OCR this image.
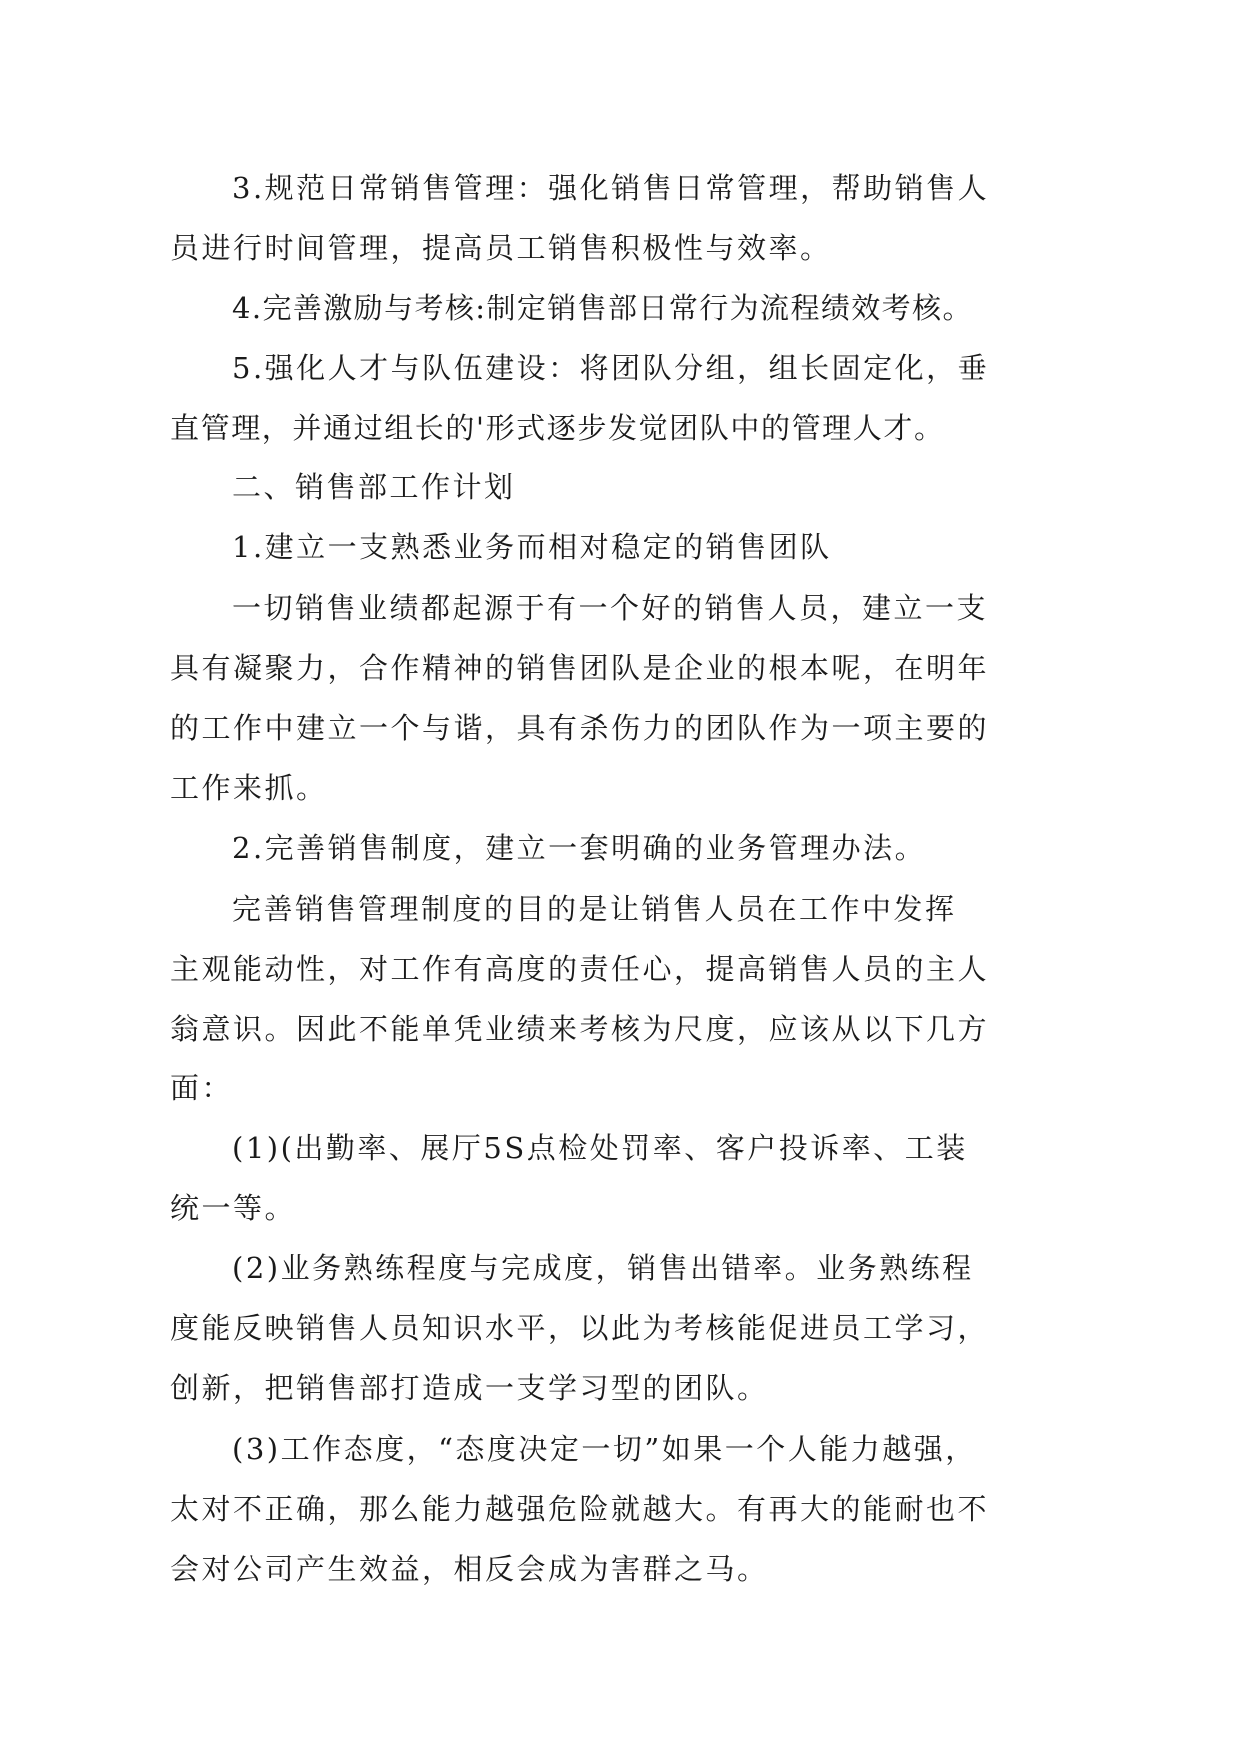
3.规范日常销售管理：强化销售日常管理，帮助销售人
员进行时间管理，提高员工销售积极性与效率。
4.完善激励与考核:制定销售部日常行为流程绩效考核。
5.强化人才与队伍建设：将团队分组，组长固定化，垂
直管理，并通过组长的'形式逐步发觉团队中的管理人才。
二、销售部工作计划
1.建立一支熟悉业务而相对稳定的销售团队
一切销售业绩都起源于有一个好的销售人员，建立一支
具有凝聚力，合作精神的销售团队是企业的根本呢，在明年
的工作中建立一个与谐，具有杀伤力的团队作为一项主要的
工作来抓。
2.完善销售制度，建立一套明确的业务管理办法。
完善销售管理制度的目的是让销售人员在工作中发挥
主观能动性，对工作有高度的责任心，提高销售人员的主人
翁意识。因此不能单凭业绩来考核为尺度，应该从以下几方
面：
(1)(出勤率、展厅5S点检处罚率、客户投诉率、工装
统一等。
(2)业务熟练程度与完成度，销售出错率。业务熟练程
度能反映销售人员知识水平，以此为考核能促进员工学习，
创新，把销售部打造成一支学习型的团队。
(3)工作态度，“态度决定一切”如果一个人能力越强，
太对不正确，那么能力越强危险就越大。有再大的能耐也不
会对公司产生效益，相反会成为害群之马。
